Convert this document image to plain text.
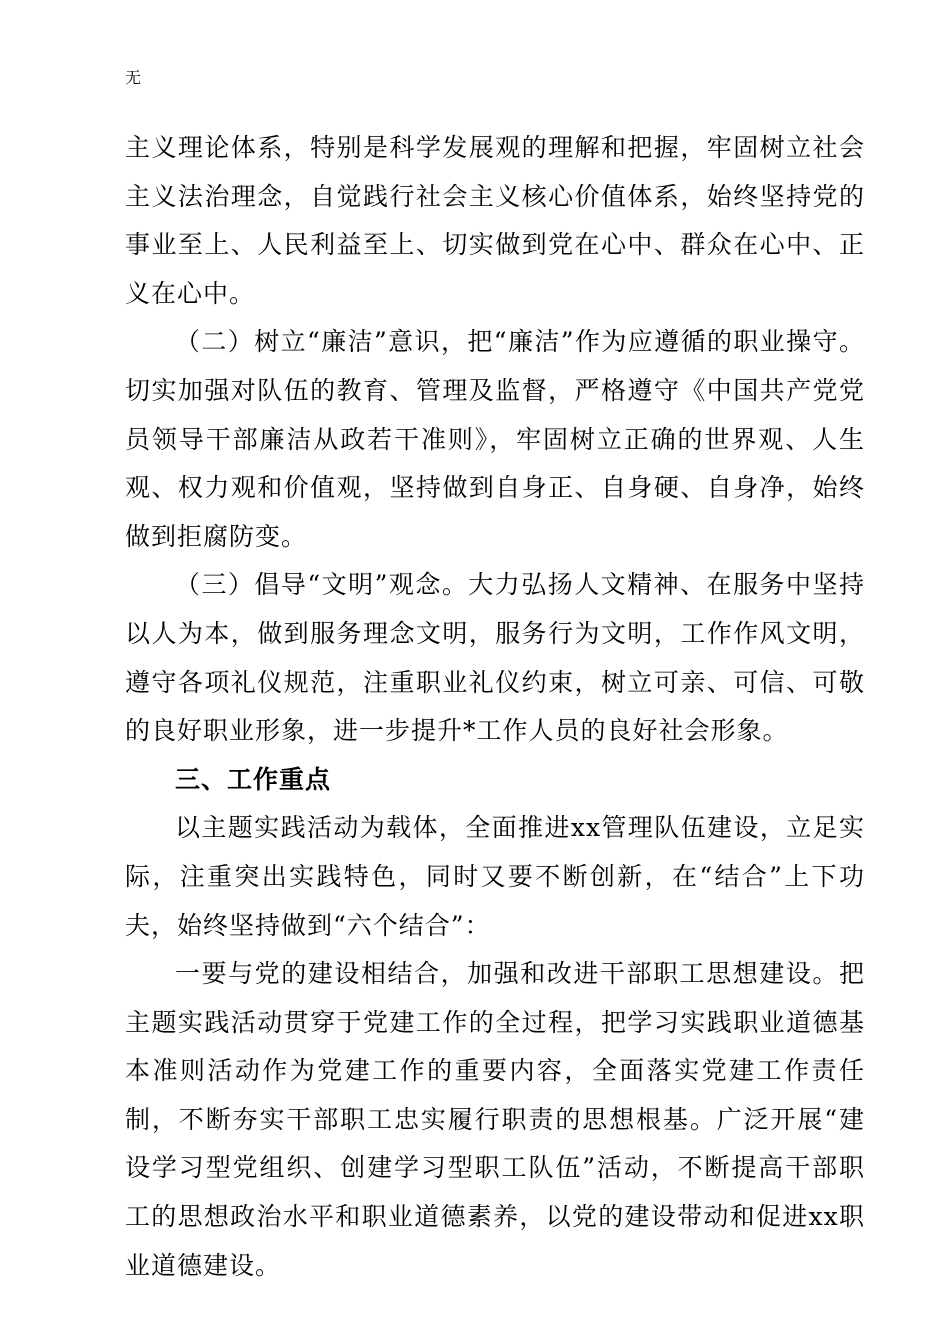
无

主义理论体系，特别是科学发展观的理解和把握，牢固树立社会主义法治理念，自觉践行社会主义核心价值体系，始终坚持党的事业至上、人民利益至上、切实做到党在心中、群众在心中、正义在心中。

（二）树立“廉洁”意识，把“廉洁”作为应遵循的职业操守。切实加强对队伍的教育、管理及监督，严格遵守《中国共产党党员领导干部廉洁从政若干准则》，牢固树立正确的世界观、人生观、权力观和价值观，坚持做到自身正、自身硬、自身净，始终做到拒腐防变。

（三）倡导“文明”观念。大力弘扬人文精神、在服务中坚持以人为本，做到服务理念文明，服务行为文明，工作作风文明，遵守各项礼仪规范，注重职业礼仪约束，树立可亲、可信、可敬的良好职业形象，进一步提升*工作人员的良好社会形象。

三、工作重点

以主题实践活动为载体，全面推进xx管理队伍建设，立足实际，注重突出实践特色，同时又要不断创新，在“结合”上下功夫，始终坚持做到“六个结合”：

一要与党的建设相结合，加强和改进干部职工思想建设。把主题实践活动贯穿于党建工作的全过程，把学习实践职业道德基本准则活动作为党建工作的重要内容，全面落实党建工作责任制，不断夯实干部职工忠实履行职责的思想根基。广泛开展“建设学习型党组织、创建学习型职工队伍”活动，不断提高干部职工的思想政治水平和职业道德素养，以党的建设带动和促进xx职业道德建设。
